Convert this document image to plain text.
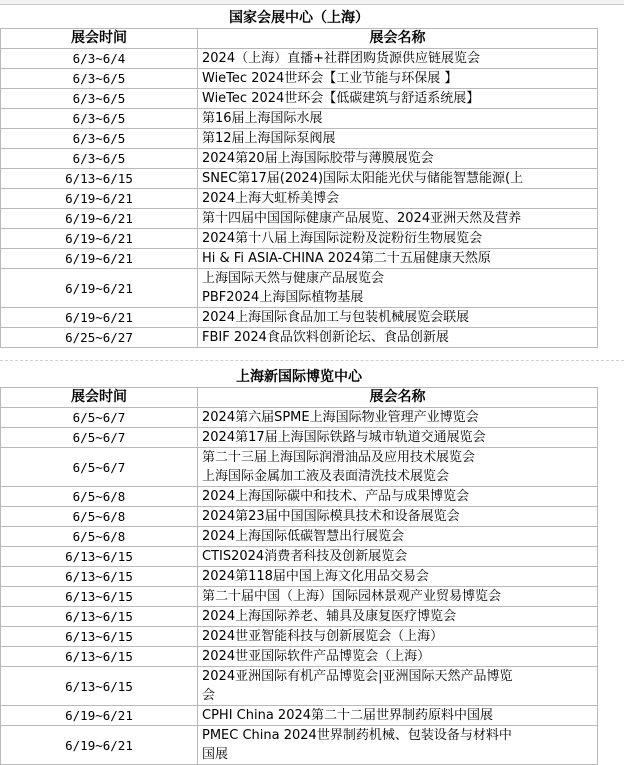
国家会展中心（上海）	
展会时间	展会名称
6/3~6/4	2024（上海）直播+社群团购货源供应链展览会

6/3~6/5	WieTec 2024世环会【工业节能与环保展 】

6/3~6/5	WieTec 2024世环会【低碳建筑与舒适系统展】

6/3~6/5	第16届上海国际水展

6/3~6/5	第12届上海国际泵阀展

6/3~6/5	2024第20届上海国际胶带与薄膜展览会

6/13~6/15	SNEC第17届(2024)国际太阳能光伏与储能智慧能源(上

6/19~6/21	2024上海大虹桥美博会

6/19~6/21	第十四届中国国际健康产品展览、2024亚洲天然及营养

6/19~6/21	2024第十八届上海国际淀粉及淀粉衍生物展览会

6/19~6/21	Hi & Fi ASIA-CHINA 2024第二十五届健康天然原

6/19~6/21	上海国际天然与健康产品展览会
PBF2024上海国际植物基展

6/19~6/21	2024上海国际食品加工与包装机械展览会联展

6/25~6/27	FBIF 2024食品饮料创新论坛、食品创新展
上海新国际博览中心	
展会时间	展会名称
6/5~6/7	2024第六届SPME上海国际物业管理产业博览会

6/5~6/7	2024第17届上海国际铁路与城市轨道交通展览会

6/5~6/7	第二十三届上海国际润滑油品及应用技术展览会
上海国际金属加工液及表面清洗技术展览会

6/5~6/8	2024上海国际碳中和技术、产品与成果博览会

6/5~6/8	2024第23届中国国际模具技术和设备展览会

6/5~6/8	2024上海国际低碳智慧出行展览会

6/13~6/15	CTIS2024消费者科技及创新展览会

6/13~6/15	2024第118届中国上海文化用品交易会

6/13~6/15	第二十届中国（上海）国际园林景观产业贸易博览会

6/13~6/15	2024上海国际养老、辅具及康复医疗博览会

6/13~6/15	2024世亚智能科技与创新展览会（上海）

6/13~6/15	2024世亚国际软件产品博览会（上海）

6/13~6/15	2024亚洲国际有机产品博览会|亚洲国际天然产品博览
会

6/19~6/21	CPHI China 2024第二十二届世界制药原料中国展

6/19~6/21	PMEC China 2024世界制药机械、包装设备与材料中
国展
